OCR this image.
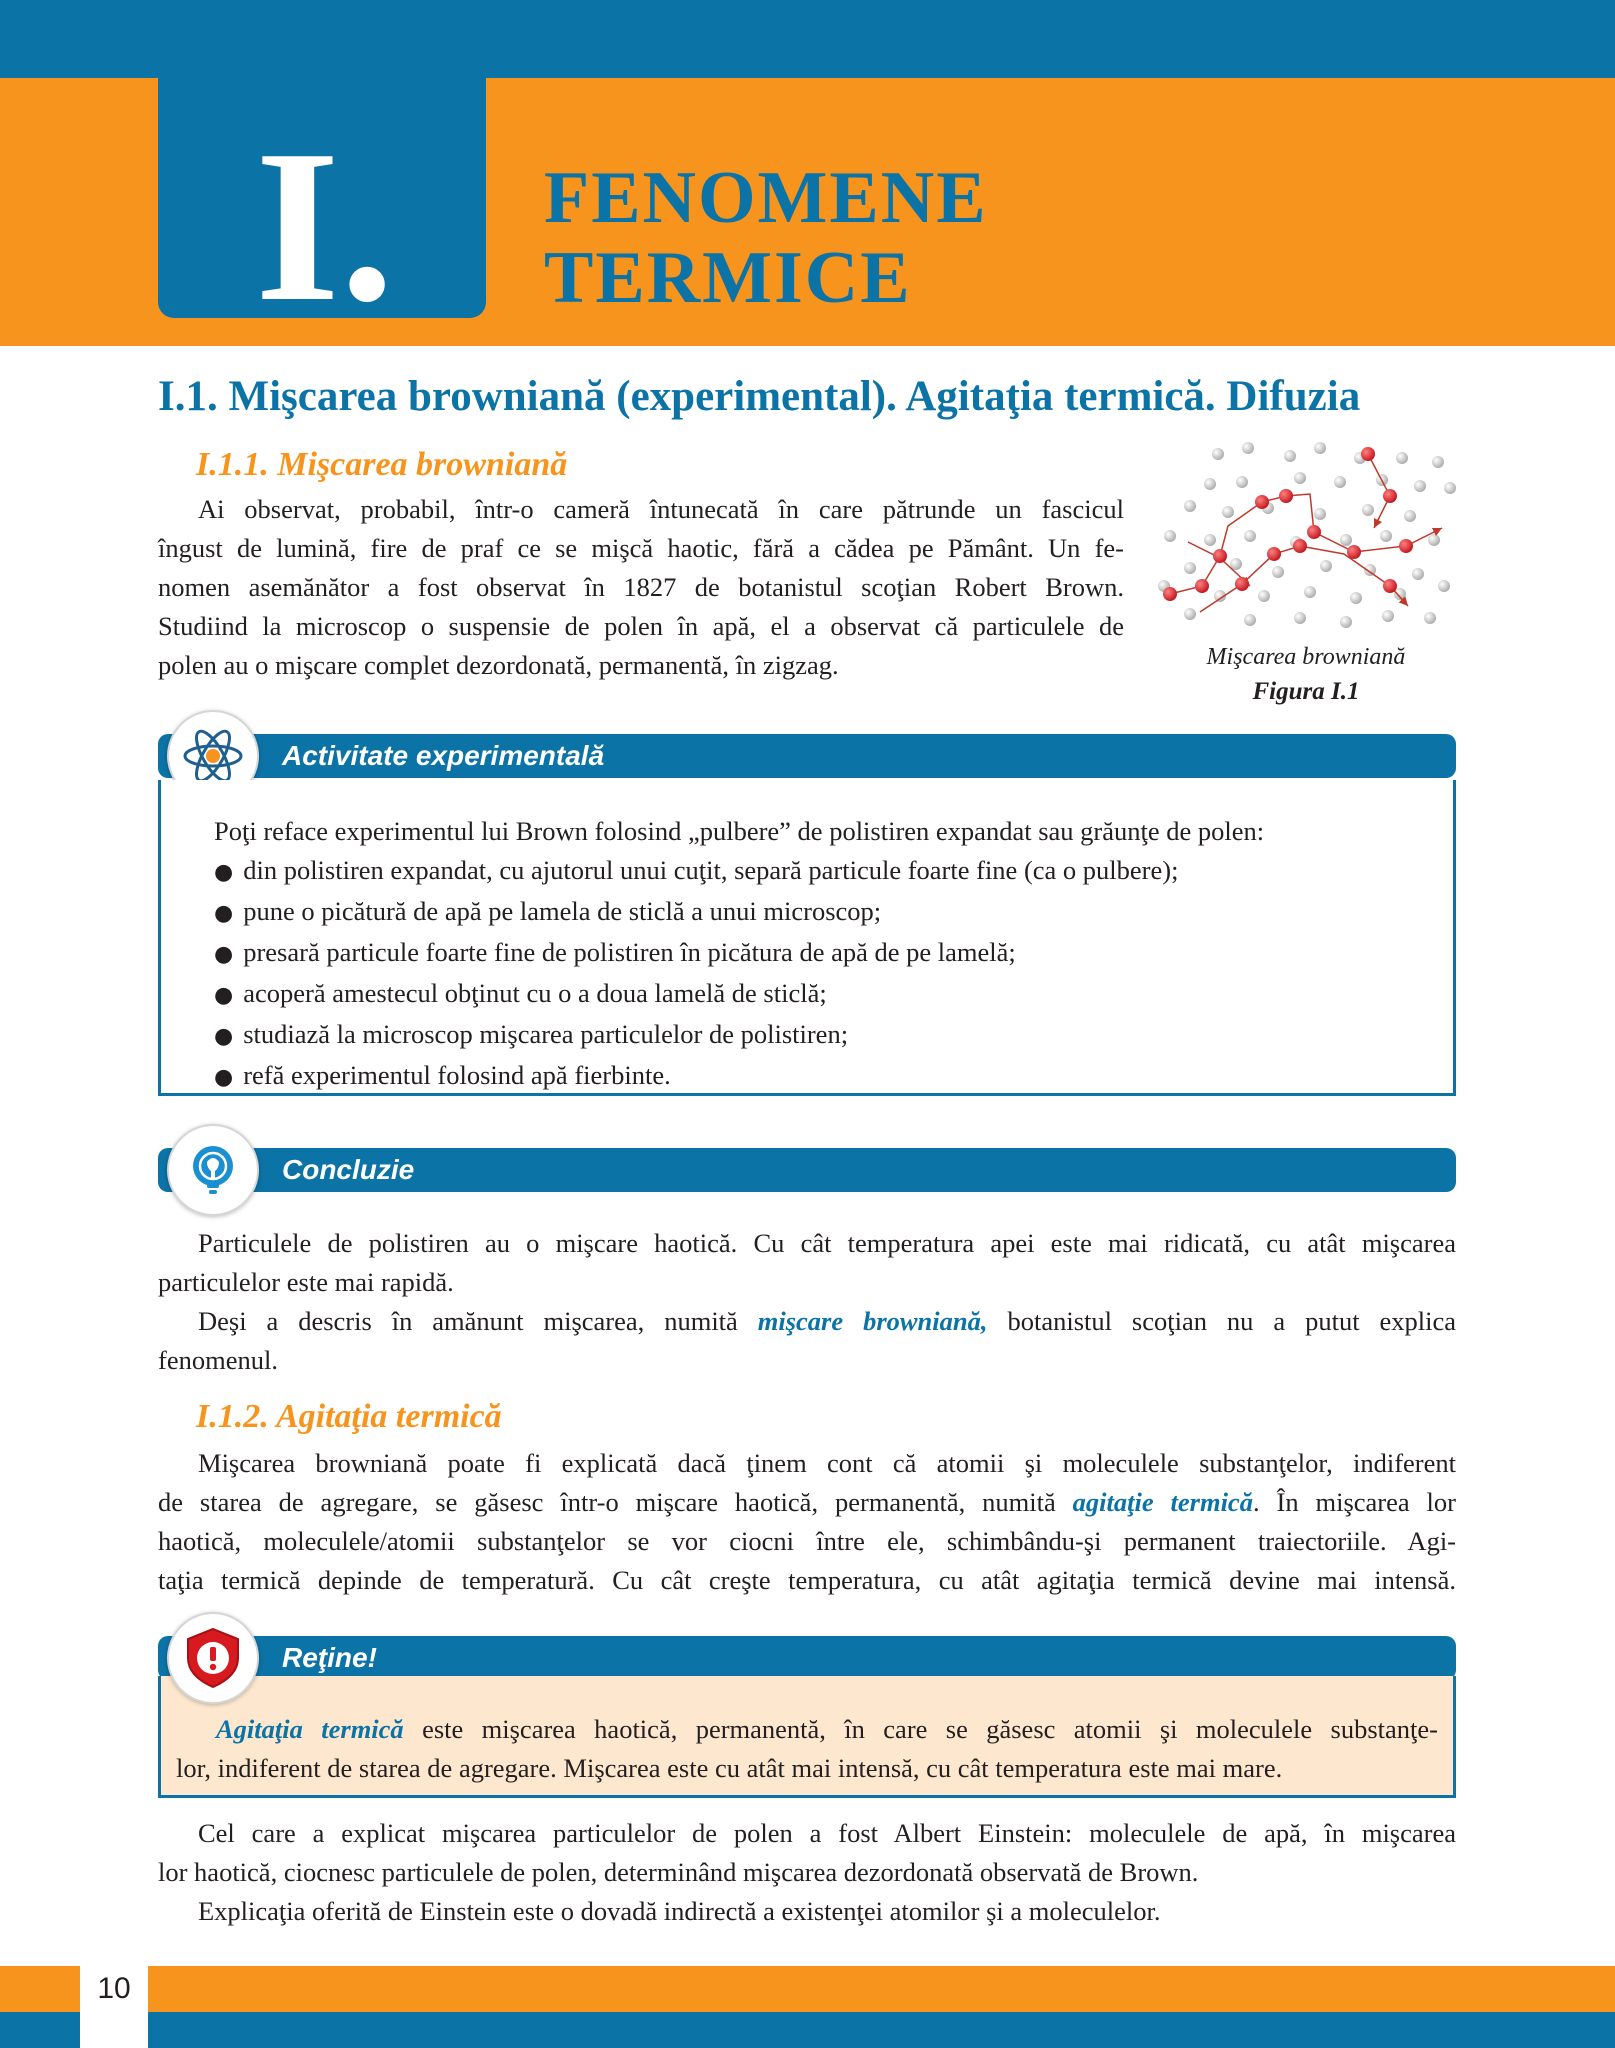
I. FENOMENE
TERMICE
I.1. Mişcarea browniană (experimental). Agitaţia termică. Difuzia
I.1.1. Mişcarea browniană
Ai observat, probabil, într-o cameră întunecată în care pătrunde un fascicul
îngust de lumină, fire de praf ce se mişcă haotic, fără a cădea pe Pământ. Un fe-
nomen asemănător a fost observat în 1827 de botanistul scoţian Robert Brown.
Studiind la microscop o suspensie de polen în apă, el a observat că particulele de
polen au o mişcare complet dezordonată, permanentă, în zigzag.	Mişcarea browniană
Figura I.1
Activitate experimentală
Poţi reface experimentul lui Brown folosind „pulbere” de polistiren expandat sau grăunţe de polen:
● din polistiren expandat, cu ajutorul unui cuţit, separă particule foarte fine (ca o pulbere);
● pune o picătură de apă pe lamela de sticlă a unui microscop;
● presară particule foarte fine de polistiren în picătura de apă de pe lamelă;
● acoperă amestecul obţinut cu o a doua lamelă de sticlă;
● studiază la microscop mişcarea particulelor de polistiren;
● refă experimentul folosind apă fierbinte.
Concluzie
Particulele de polistiren au o mişcare haotică. Cu cât temperatura apei este mai ridicată, cu atât mişcarea
particulelor este mai rapidă.
Deşi a descris în amănunt mişcarea, numită mişcare browniană, botanistul scoţian nu a putut explica
fenomenul.
I.1.2. Agitaţia termică
Mişcarea browniană poate fi explicată dacă ţinem cont că atomii şi moleculele substanţelor, indiferent
de starea de agregare, se găsesc într-o mişcare haotică, permanentă, numită agitaţie termică. În mişcarea lor
haotică, moleculele/atomii substanţelor se vor ciocni între ele, schimbându-şi permanent traiectoriile. Agi-
taţia termică depinde de temperatură. Cu cât creşte temperatura, cu atât agitaţia termică devine mai intensă.
Reţine!
Agitaţia termică este mişcarea haotică, permanentă, în care se găsesc atomii şi moleculele substanţe-
lor, indiferent de starea de agregare. Mişcarea este cu atât mai intensă, cu cât temperatura este mai mare.
Cel care a explicat mişcarea particulelor de polen a fost Albert Einstein: moleculele de apă, în mişcarea
lor haotică, ciocnesc particulele de polen, determinând mişcarea dezordonată observată de Brown.
Explicaţia oferită de Einstein este o dovadă indirectă a existenţei atomilor şi a moleculelor.
10
